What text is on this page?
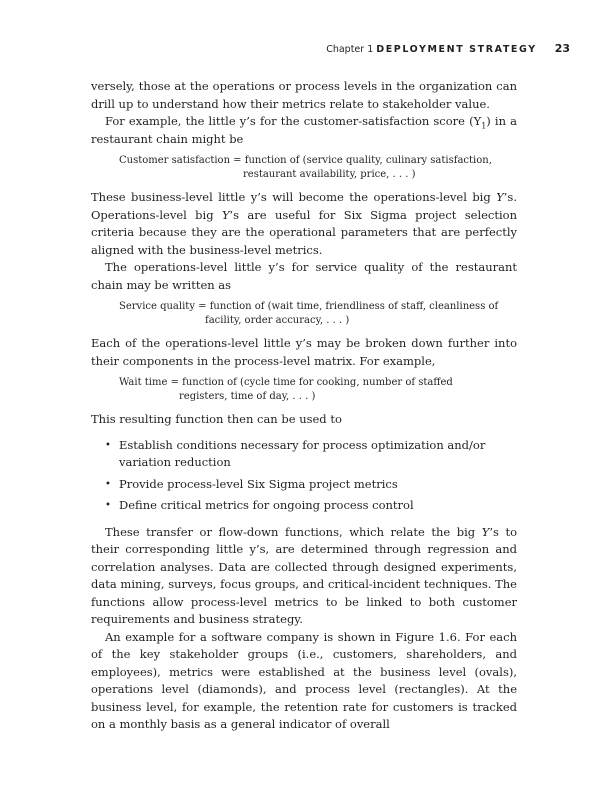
Chapter 1 DEPLOYMENT STRATEGY 23

versely, those at the operations or process levels in the organization can drill up to understand how their metrics relate to stakeholder value.

For example, the little y’s for the customer-satisfaction score $(Y_1)$ in a restaurant chain might be

Customer satisfaction = function of (service quality, culinary satisfaction,
restaurant availability, price, . . . )

These business-level little y’s will become the operations-level big Y’s. Operations-level big Y’s are useful for Six Sigma project selection criteria because they are the operational parameters that are perfectly aligned with the business-level metrics.

The operations-level little y’s for service quality of the restaurant chain may be written as

Service quality = function of (wait time, friendliness of staff, cleanliness of
facility, order accuracy, . . . )

Each of the operations-level little y’s may be broken down further into their components in the process-level matrix. For example,

Wait time = function of (cycle time for cooking, number of staffed
registers, time of day, . . . )

This resulting function then can be used to

• Establish conditions necessary for process optimization and/or variation reduction
• Provide process-level Six Sigma project metrics
• Define critical metrics for ongoing process control

These transfer or flow-down functions, which relate the big Y’s to their corresponding little y’s, are determined through regression and correlation analyses. Data are collected through designed experiments, data mining, surveys, focus groups, and critical-incident techniques. The functions allow process-level metrics to be linked to both customer requirements and business strategy.

An example for a software company is shown in Figure 1.6. For each of the key stakeholder groups (i.e., customers, shareholders, and employees), metrics were established at the business level (ovals), operations level (diamonds), and process level (rectangles). At the business level, for example, the retention rate for customers is tracked on a monthly basis as a general indicator of overall
